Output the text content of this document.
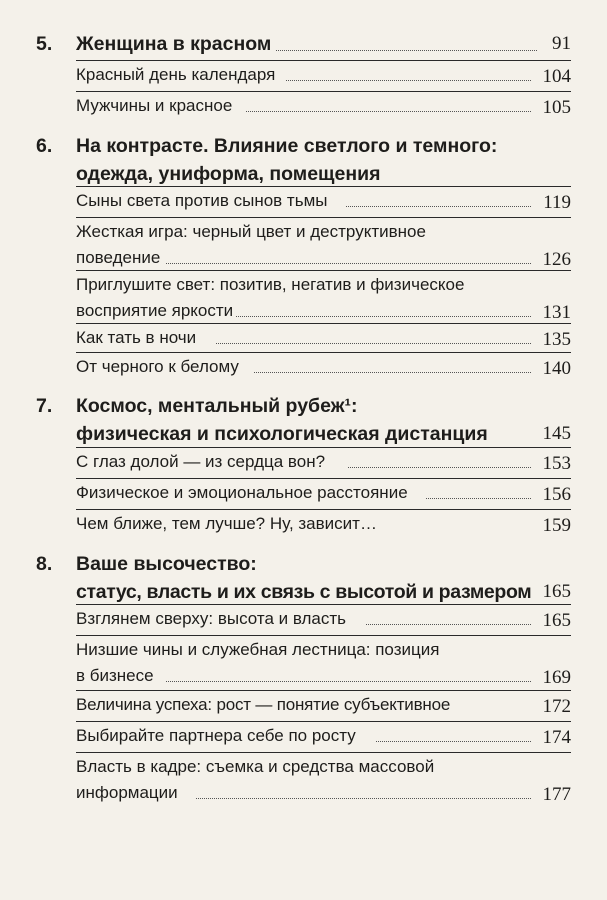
5. Женщина в красном	91
Красный день календаря	104
Мужчины и красное	105
6. На контрасте. Влияние светлого и темного:
одежда, униформа, помещения
Сыны света против сынов тьмы	119
Жесткая игра: черный цвет и деструктивное
поведение	126
Приглушите свет: позитив, негатив и физическое
восприятие яркости	131
Как тать в ночи	135
От черного к белому	140
7. Космос, ментальный рубеж¹:
физическая и психологическая дистанция	145
С глаз долой — из сердца вон?	153
Физическое и эмоциональное расстояние	156
Чем ближе, тем лучше? Ну, зависит…	159
8. Ваше высочество:
статус, власть и их связь с высотой и размером 165
Взглянем сверху: высота и власть	165
Низшие чины и служебная лестница: позиция
в бизнесе	169
Величина успеха: рост — понятие субъективное	172
Выбирайте партнера себе по росту	174
Власть в кадре: съемка и средства массовой
информации	177
